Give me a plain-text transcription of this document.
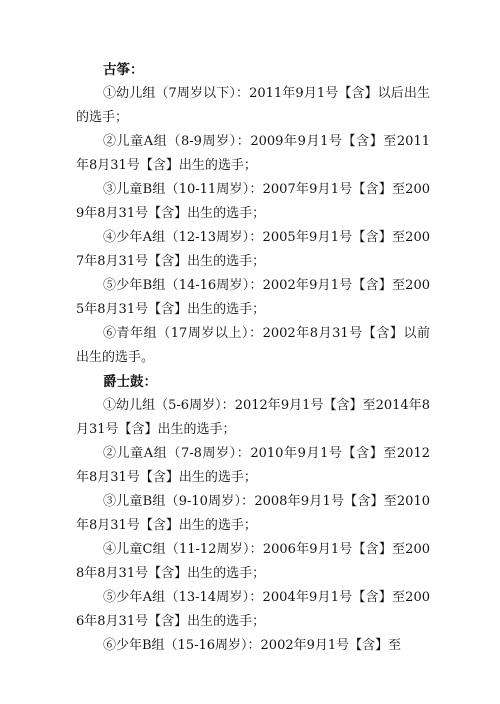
古筝：

①幼儿组（7周岁以下）：2011年9月1号【含】以后出生的选手；

②儿童A组（8-9周岁）：2009年9月1号【含】至2011年8月31号【含】出生的选手；

③儿童B组（10-11周岁）：2007年9月1号【含】至2009年8月31号【含】出生的选手；

④少年A组（12-13周岁）：2005年9月1号【含】至2007年8月31号【含】出生的选手；

⑤少年B组（14-16周岁）：2002年9月1号【含】至2005年8月31号【含】出生的选手；

⑥青年组（17周岁以上）：2002年8月31号【含】以前出生的选手。

爵士鼓：

①幼儿组（5-6周岁）：2012年9月1号【含】至2014年8月31号【含】出生的选手；

②儿童A组（7-8周岁）：2010年9月1号【含】至2012年8月31号【含】出生的选手；

③儿童B组（9-10周岁）：2008年9月1号【含】至2010年8月31号【含】出生的选手；

④儿童C组（11-12周岁）：2006年9月1号【含】至2008年8月31号【含】出生的选手；

⑤少年A组（13-14周岁）：2004年9月1号【含】至2006年8月31号【含】出生的选手；

⑥少年B组（15-16周岁）：2002年9月1号【含】至
